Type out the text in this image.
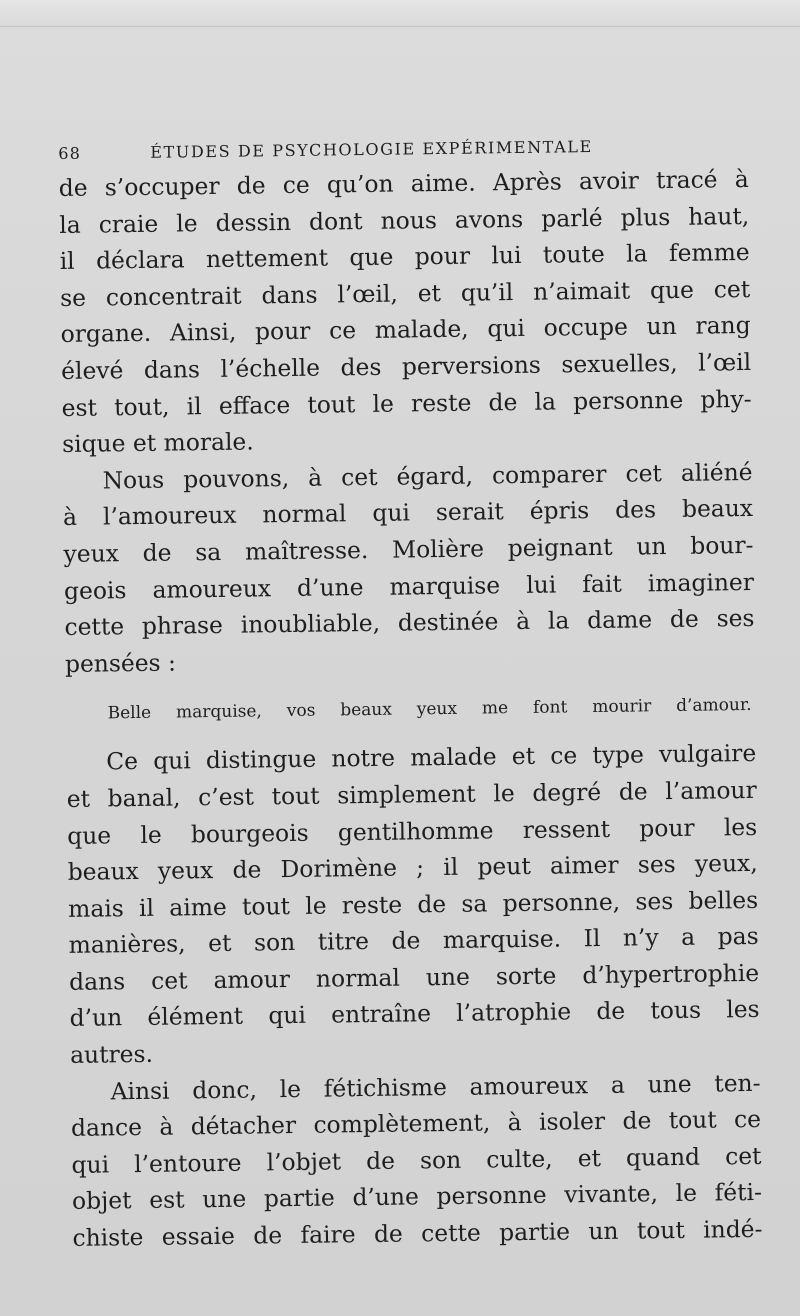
68	ÉTUDES DE PSYCHOLOGIE EXPÉRIMENTALE
de s’occuper de ce qu’on aime. Après avoir tracé à
la craie le dessin dont nous avons parlé plus haut,
il déclara nettement que pour lui toute la femme
se concentrait dans l’œil, et qu’il n’aimait que cet
organe. Ainsi, pour ce malade, qui occupe un rang
élevé dans l’échelle des perversions sexuelles, l’œil
est tout, il efface tout le reste de la personne phy-
sique et morale.
Nous pouvons, à cet égard, comparer cet aliéné
à l’amoureux normal qui serait épris des beaux
yeux de sa maîtresse. Molière peignant un bour-
geois amoureux d’une marquise lui fait imaginer
cette phrase inoubliable, destinée à la dame de ses
pensées :
Belle marquise, vos beaux yeux me font mourir d’amour.
Ce qui distingue notre malade et ce type vulgaire
et banal, c’est tout simplement le degré de l’amour
que le bourgeois gentilhomme ressent pour les
beaux yeux de Dorimène ; il peut aimer ses yeux,
mais il aime tout le reste de sa personne, ses belles
manières, et son titre de marquise. Il n’y a pas
dans cet amour normal une sorte d’hypertrophie
d’un élément qui entraîne l’atrophie de tous les
autres.
Ainsi donc, le fétichisme amoureux a une ten-
dance à détacher complètement, à isoler de tout ce
qui l’entoure l’objet de son culte, et quand cet
objet est une partie d’une personne vivante, le féti-
chiste essaie de faire de cette partie un tout indé-
